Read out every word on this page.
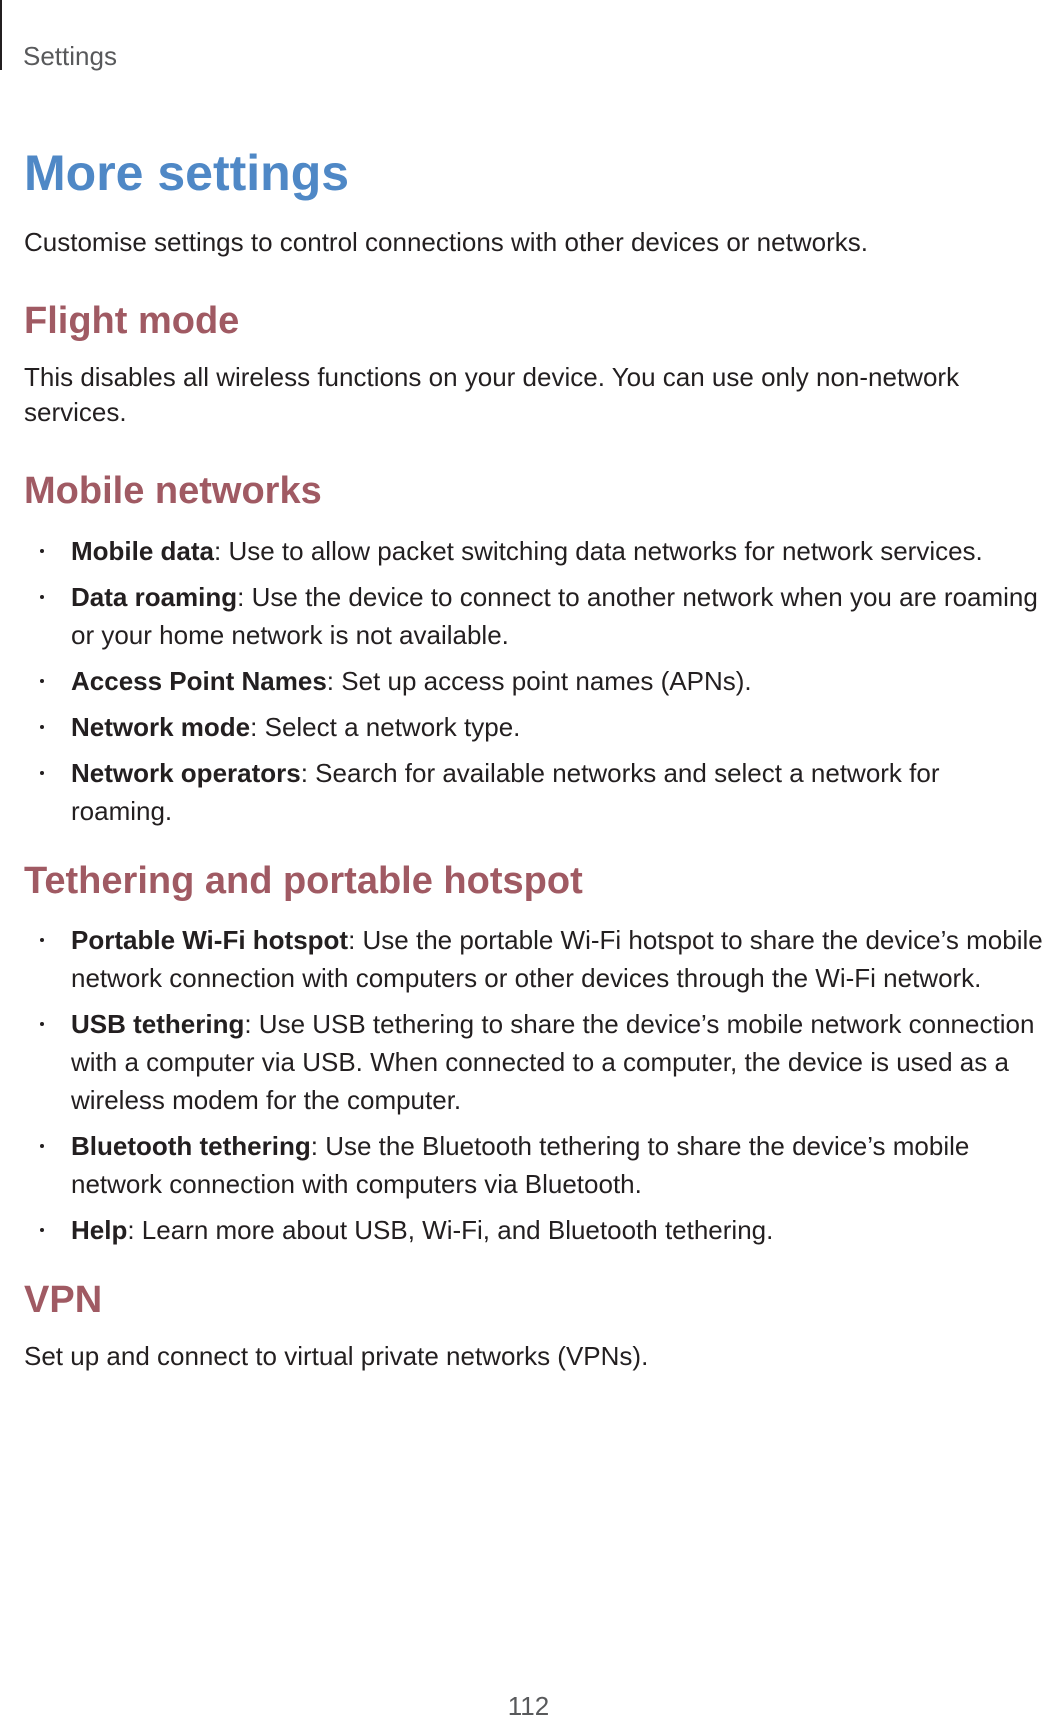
Settings

More settings

Customise settings to control connections with other devices or networks.

Flight mode

This disables all wireless functions on your device. You can use only non-network services.

Mobile networks
Mobile data: Use to allow packet switching data networks for network services.
Data roaming: Use the device to connect to another network when you are roaming or your home network is not available.
Access Point Names: Set up access point names (APNs).
Network mode: Select a network type.
Network operators: Search for available networks and select a network for roaming.
Tethering and portable hotspot
Portable Wi-Fi hotspot: Use the portable Wi-Fi hotspot to share the device’s mobile network connection with computers or other devices through the Wi-Fi network.
USB tethering: Use USB tethering to share the device’s mobile network connection with a computer via USB. When connected to a computer, the device is used as a wireless modem for the computer.
Bluetooth tethering: Use the Bluetooth tethering to share the device’s mobile network connection with computers via Bluetooth.
Help: Learn more about USB, Wi-Fi, and Bluetooth tethering.
VPN

Set up and connect to virtual private networks (VPNs).

112
